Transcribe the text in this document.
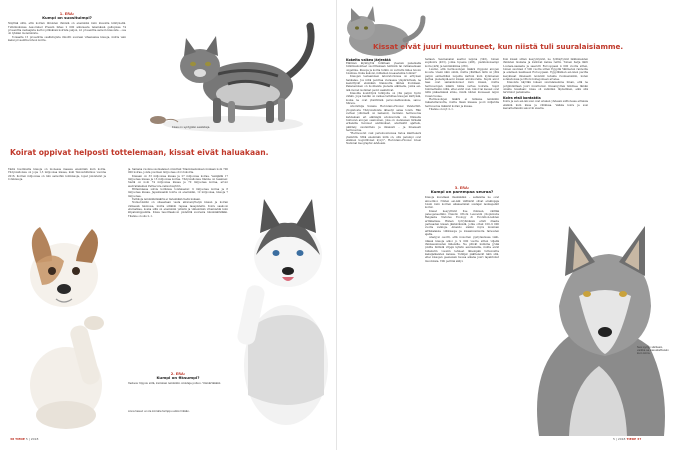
1. ERÄ:
Kumpi on suosituimpi?

Näyttää siltä, että koirien ihmisten ihmisiä on enemmän kuin kissoilla kiintyneitä. Tutkimuksissa Associated Pressin lähes 2 000 aikuisesta tekemässä gallupissa 74 prosenttia vastaajista kertoi pitävänsä koirista paljon, 41 prosenttia samoin kissoista – osa oli tykkäsi molemmista.

Toisaalta 15 prosenttia osallistujista ilmoitti suoraan vihaavansa kissoja, mutta vain kaksi prosenttia inhosi koiria.

Kissa on syntyjään saalistaja.
Koirat oppivat helposti tottelemaan, kissat eivät haluakaan.

Tästä huolimatta kissoja on monessa maassa enemmän kuin koiria. Yhdysvalloissa on jopa 1,3 miljoonaa kissaa, kuki Taloustutkimus vuonna 2016. Koirien miljoonaa on niin samoihin kotikissoja, lopat juloistetut ja rotukissoja.

ja. Samana vuonna suomalaiset omistivat Tilastokeskuksen mukaan noin 700 000 koiraa, joista puolisen miljoonaa oli rotukoiria.

Kissaan on 33 miljoonaa kissaa ja 27 miljoonaa koiraa. Venäjällä 17 miljoonaa kissaa ja 13 miljoonaa koiraa. Yhdysvalloissa tilanne on tasainen: Siellä on noin 74 miljoonaa kissaa ja 70 miljoonaa koiraa, arvioi australialainen PetSecure-vakuutusyhtiö.

Britanniassa sulvle kotikissa toistaiseksi: 9 miljoonaa koiraa ja 8 miljoonaa kissaa. Japanissakin koiria on enemmän, 12 miljoonaa, kissoja 7 miljoonaa.

Tarkkoja lemmikkimääriä ei tietenkään tiedä kukaan.

Numerokkiki on olkeastaan vasta alkuvenyttelyä kissan ja koiran välisessä taistossa, mutta siitäkin rapsaa tasapisteitä. Koira saakoon etumatkaa, koska sillä on enemmän ystäviä ja vähemmän vihamiehiä kuin kilpakumppanilla. Kissa tasoittaakoon pistetillä suuresta lukumäärällään. Tilanne on siis 2–1.

2. ERÄ:
Kumpi on fiksumpi?

Vastaus riippuu siitä, kumman lemmikin omistaja puhuu. Ymmärtäkään

Anna tassu! ei ole koiralle temppu eikä mikään.
38 TIEDE 5 | 2018
Kissat eivät juuri muuttuneet, kun niistä tuli suuralaisiamme.
Kokeita vaikea järjestää

Eläinten älykkyyttä tutkitaan yleensä panemalla tutkimuskohteet suorittamaan tehtäviä tai ratkaisemaan ongelmia. Kissoja ja koiria tutkin on verrattu lähes tavoin toisiinsa. Kuka kekoisi, millainen koeasetelma toimisi?

Kissojen testaamisen laboratorioissa on erityisen hankalaa. Jos niitä pelottaa vieraassa ympäristössä, ne keskittyvät etsimään tilaisuutta lähteä livohkaan. Pakenemisen on luontaista pienelle eläimelle, jonka esi-isiä monet isommat pedot saalistivat.

Kissoilla koskittyvä tutkijoita on yhä paljon hyvin vähän. Jopa heidän on vaikea taltuttaa kissojen kärtyisiä, koska ne ovat yksilöllisiä persoonallisuuksia, sanoo Shreve.

Aivotutkija Suzana Herculano-Houzel Vanderbilt-yliopistosta Yhdysvalloista lähestyi asiaa toisin. Hän vertasi ydinmalli on laskenut, montako hermosolua kahdeksan eri eläinlajin aivokuorella on. Ilmiselle tuntuvan aivojen osamomen, joka on olennaisen tärkeää erilaisille tietoiset aistimukset, abstraktit ajattelu, päättely, suunnittelu ja ilmaisuti – ja ilmeisesti hermosolua.

"Hermosolut ovat perusluonnoissa tietoa käsittelevä yksiköitä. Mitä enemmän niitä on, sitä parempi ovat eläimen kognitiiviset kyvyt", Herculano-Houzel totesi National Geographic-lehdessä.

hellaan. Seuraavaksi asettui leijona (545), toinen supikoira (453), jonka hyeena (495), pienikokoisempi koira (429) ja lemmikkikisa (250).

Luulisi, että hermosolujen määrä riippuisi aivojen koosta. Usein näin onkin, mutta yllättäen niitä on yhtä paljon esimerkiksi isojeilla karhun kuin kymmenen kertaa pienempiä-aoni kissan aivokuorella. Supin aivot taas ovat samankokoiset kuin kissan, mutta hermosolujen määrä tuhka vertaa koiralle. Supit tummettanko niitä, ettei eivät ovet, lukot tai kauset ovat niitä pääsemässä sinne, mistä niiden kuuseeen leijon ruuan tuulee.

Hermosolujen määrä ei ratkaise lemmikin rakastettavuutta, mutta tässä kisassa pooti miljardia hermosolua lisäävät koiran ja kissaa.

Tilanne on nyt 2–1.

3. ERÄ:
Kumpi on parempaa seuraa?

Kissoja kuvellaan itsenäisiksi – sellaisina ne ovat ainoolikoi. Niiden esi-isät välttävät olivat erakkojaja toisin kuin koirien aikaisemmat sustajat laumapelkit koirat.

Kissat kesyyttivät itse ihmisen, väittää paleogeneetikko Claudio Ottoni Leuvenin yliopistosta Belgiasta Natures Ecology & Evolution-lehden artikkelissa. Hänen työryhmänsä eristi dnasta parissadan kissan jäännöksistä, jotka olivat 100–9 000 vuotta vanhoja. Aineisto sisälsi myös muuman afrikkalaisia villikissoja ja kissamuumioita faraosten ajalta.

Analyysi osoitti, että nuuorien pystytaulussa Lähi-idässä kissoja alkoi jo 9 000 vuotta sitten viljellä ihmisasumusten läheisille. Ne pitivät kuiluina jyvää jokilta hiillistä vitjejä kyläön asumuksilla, mutta eivät tullanutin vuosiin tehneet lähempää tuttavuutta kaksijalkaisten kanssa. Tutkijat päättelevät näin sitä, ettei kissojen geeneissä tuossa aikana juuri tapahtunut muutoksia. Villi perimä säilyi.

Kun kissat sitten kesyyntyivät, ne lyöttäytyivät läikkunaisten ihmisten mukana ja kulkivat kakua reittä. Toinen harja lähti Lounais-Aasiasta ja saavutti Eurooppaan 4 000 vuotta sitten, toinen suuntasi 3 500 vuotta sitten Egyptiä Välimeren rannoille ja edelleen keskiseen Eurooppaan. Egyptiläinen esi-isien pacifia kesykissat ilmeisesti levisivät laivalla ruumasiunkin, kuten sotalaivoissa ja Ottoni kollegoineen arvelee.

Kissoista näyttää lukeen suuralaisemme ilman, että ne pohjimmiltaan juuri muuttuivat. Kissanyytteä tulkitsee tämän omalla tavallaan: kissa oli valmiiksi täydellinen, eikä sitä tarvinnut parannella.

Koira etsii kontaktia

Koira ja sen esi-isä susi ovat aivalen yhdessä sulttotessa erilaisia eläimiä kuin kissa ja villikissa. Valkka koira ja susi kasvattettaisiin saiovvin sisaria.

Susi syöyy säilässä, vaikka se kasvatettaisiin kuin koira.
5 | 2018 TIEDE 37
